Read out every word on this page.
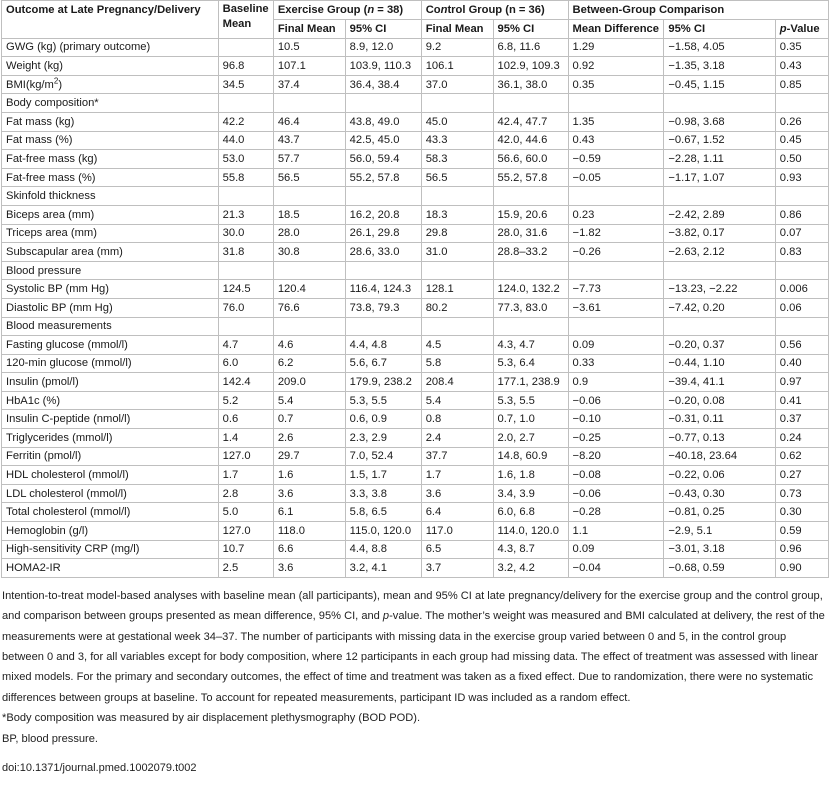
Outcome at Late Pregnancy/Delivery	Baseline Mean	Exercise Group (n = 38)		Control Group (n = 36)		Between-Group Comparison		
		Final Mean	95% CI	Final Mean	95% CI	Mean Difference	95% CI	p-Value
GWG (kg) (primary outcome)		10.5	8.9, 12.0	9.2	6.8, 11.6	1.29	−1.58, 4.05	0.35
Weight (kg)	96.8	107.1	103.9, 110.3	106.1	102.9, 109.3	0.92	−1.35, 3.18	0.43
$BMI(kg/m^2)$	34.5	37.4	36.4, 38.4	37.0	36.1, 38.0	0.35	−0.45, 1.15	0.85
Body composition*								
Fat mass (kg)	42.2	46.4	43.8, 49.0	45.0	42.4, 47.7	1.35	−0.98, 3.68	0.26
Fat mass (%)	44.0	43.7	42.5, 45.0	43.3	42.0, 44.6	0.43	−0.67, 1.52	0.45
Fat-free mass (kg)	53.0	57.7	56.0, 59.4	58.3	56.6, 60.0	−0.59	−2.28, 1.11	0.50
Fat-free mass (%)	55.8	56.5	55.2, 57.8	56.5	55.2, 57.8	−0.05	−1.17, 1.07	0.93
Skinfold thickness								
Biceps area (mm)	21.3	18.5	16.2, 20.8	18.3	15.9, 20.6	0.23	−2.42, 2.89	0.86
Triceps area (mm)	30.0	28.0	26.1, 29.8	29.8	28.0, 31.6	−1.82	−3.82, 0.17	0.07
Subscapular area (mm)	31.8	30.8	28.6, 33.0	31.0	28.8–33.2	−0.26	−2.63, 2.12	0.83
Blood pressure								
Systolic BP (mm Hg)	124.5	120.4	116.4, 124.3	128.1	124.0, 132.2	−7.73	−13.23, −2.22	0.006
Diastolic BP (mm Hg)	76.0	76.6	73.8, 79.3	80.2	77.3, 83.0	−3.61	−7.42, 0.20	0.06
Blood measurements								
Fasting glucose (mmol/l)	4.7	4.6	4.4, 4.8	4.5	4.3, 4.7	0.09	−0.20, 0.37	0.56
120-min glucose (mmol/l)	6.0	6.2	5.6, 6.7	5.8	5.3, 6.4	0.33	−0.44, 1.10	0.40
Insulin (pmol/l)	142.4	209.0	179.9, 238.2	208.4	177.1, 238.9	0.9	−39.4, 41.1	0.97
HbA1c (%)	5.2	5.4	5.3, 5.5	5.4	5.3, 5.5	−0.06	−0.20, 0.08	0.41
Insulin C-peptide (nmol/l)	0.6	0.7	0.6, 0.9	0.8	0.7, 1.0	−0.10	−0.31, 0.11	0.37
Triglycerides (mmol/l)	1.4	2.6	2.3, 2.9	2.4	2.0, 2.7	−0.25	−0.77, 0.13	0.24
Ferritin (pmol/l)	127.0	29.7	7.0, 52.4	37.7	14.8, 60.9	−8.20	−40.18, 23.64	0.62
HDL cholesterol (mmol/l)	1.7	1.6	1.5, 1.7	1.7	1.6, 1.8	−0.08	−0.22, 0.06	0.27
LDL cholesterol (mmol/l)	2.8	3.6	3.3, 3.8	3.6	3.4, 3.9	−0.06	−0.43, 0.30	0.73
Total cholesterol (mmol/l)	5.0	6.1	5.8, 6.5	6.4	6.0, 6.8	−0.28	−0.81, 0.25	0.30
Hemoglobin (g/l)	127.0	118.0	115.0, 120.0	117.0	114.0, 120.0	1.1	−2.9, 5.1	0.59
High-sensitivity CRP (mg/l)	10.7	6.6	4.4, 8.8	6.5	4.3, 8.7	0.09	−3.01, 3.18	0.96
HOMA2-IR	2.5	3.6	3.2, 4.1	3.7	3.2, 4.2	−0.04	−0.68, 0.59	0.90

Intention-to-treat model-based analyses with baseline mean (all participants), mean and 95% CI at late pregnancy/delivery for the exercise group and the control group, and comparison between groups presented as mean difference, 95% CI, and p-value. The mother’s weight was measured and BMI calculated at delivery, the rest of the measurements were at gestational week 34–37. The number of participants with missing data in the exercise group varied between 0 and 5, in the control group between 0 and 3, for all variables except for body composition, where 12 participants in each group had missing data. The effect of treatment was assessed with linear mixed models. For the primary and secondary outcomes, the effect of time and treatment was taken as a fixed effect. Due to randomization, there were no systematic differences between groups at baseline. To account for repeated measurements, participant ID was included as a random effect.

*Body composition was measured by air displacement plethysmography (BOD POD).

BP, blood pressure.

doi:10.1371/journal.pmed.1002079.t002
